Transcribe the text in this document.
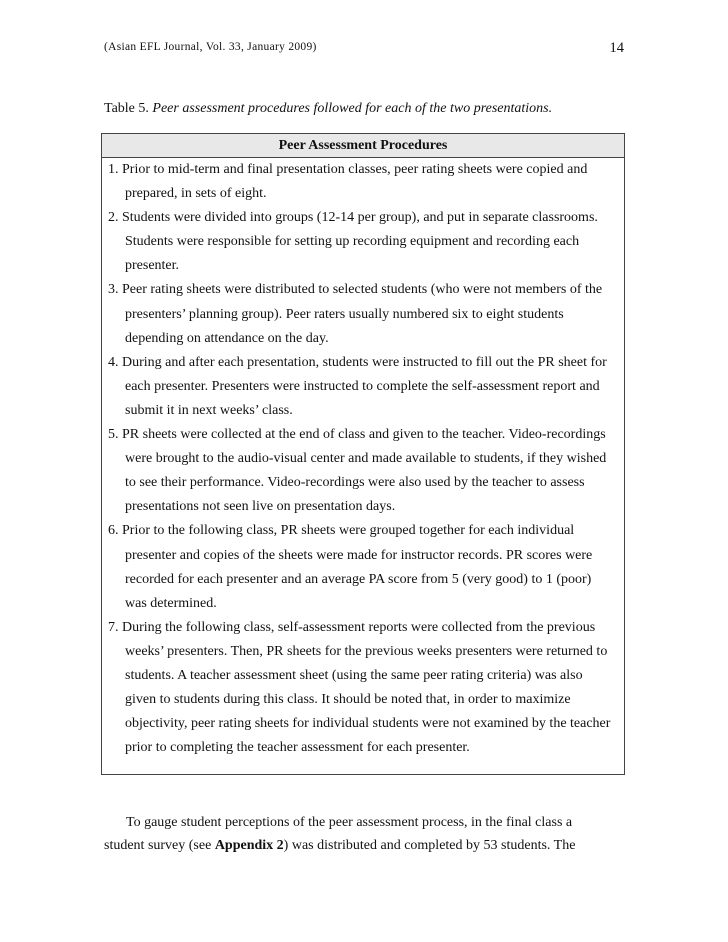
(Asian EFL Journal, Vol. 33, January 2009)	14
Table 5. Peer assessment procedures followed for each of the two presentations.
Peer Assessment Procedures
1. Prior to mid-term and final presentation classes, peer rating sheets were copied and
prepared, in sets of eight.
2. Students were divided into groups (12-14 per group), and put in separate classrooms.
Students were responsible for setting up recording equipment and recording each
presenter.
3. Peer rating sheets were distributed to selected students (who were not members of the
presenters’ planning group). Peer raters usually numbered six to eight students
depending on attendance on the day.
4. During and after each presentation, students were instructed to fill out the PR sheet for
each presenter. Presenters were instructed to complete the self-assessment report and
submit it in next weeks’ class.
5. PR sheets were collected at the end of class and given to the teacher. Video-recordings
were brought to the audio-visual center and made available to students, if they wished
to see their performance. Video-recordings were also used by the teacher to assess
presentations not seen live on presentation days.
6. Prior to the following class, PR sheets were grouped together for each individual
presenter and copies of the sheets were made for instructor records. PR scores were
recorded for each presenter and an average PA score from 5 (very good) to 1 (poor)
was determined.
7. During the following class, self-assessment reports were collected from the previous
weeks’ presenters. Then, PR sheets for the previous weeks presenters were returned to
students. A teacher assessment sheet (using the same peer rating criteria) was also
given to students during this class. It should be noted that, in order to maximize
objectivity, peer rating sheets for individual students were not examined by the teacher
prior to completing the teacher assessment for each presenter.
To gauge student perceptions of the peer assessment process, in the final class a
student survey (see Appendix 2) was distributed and completed by 53 students. The
